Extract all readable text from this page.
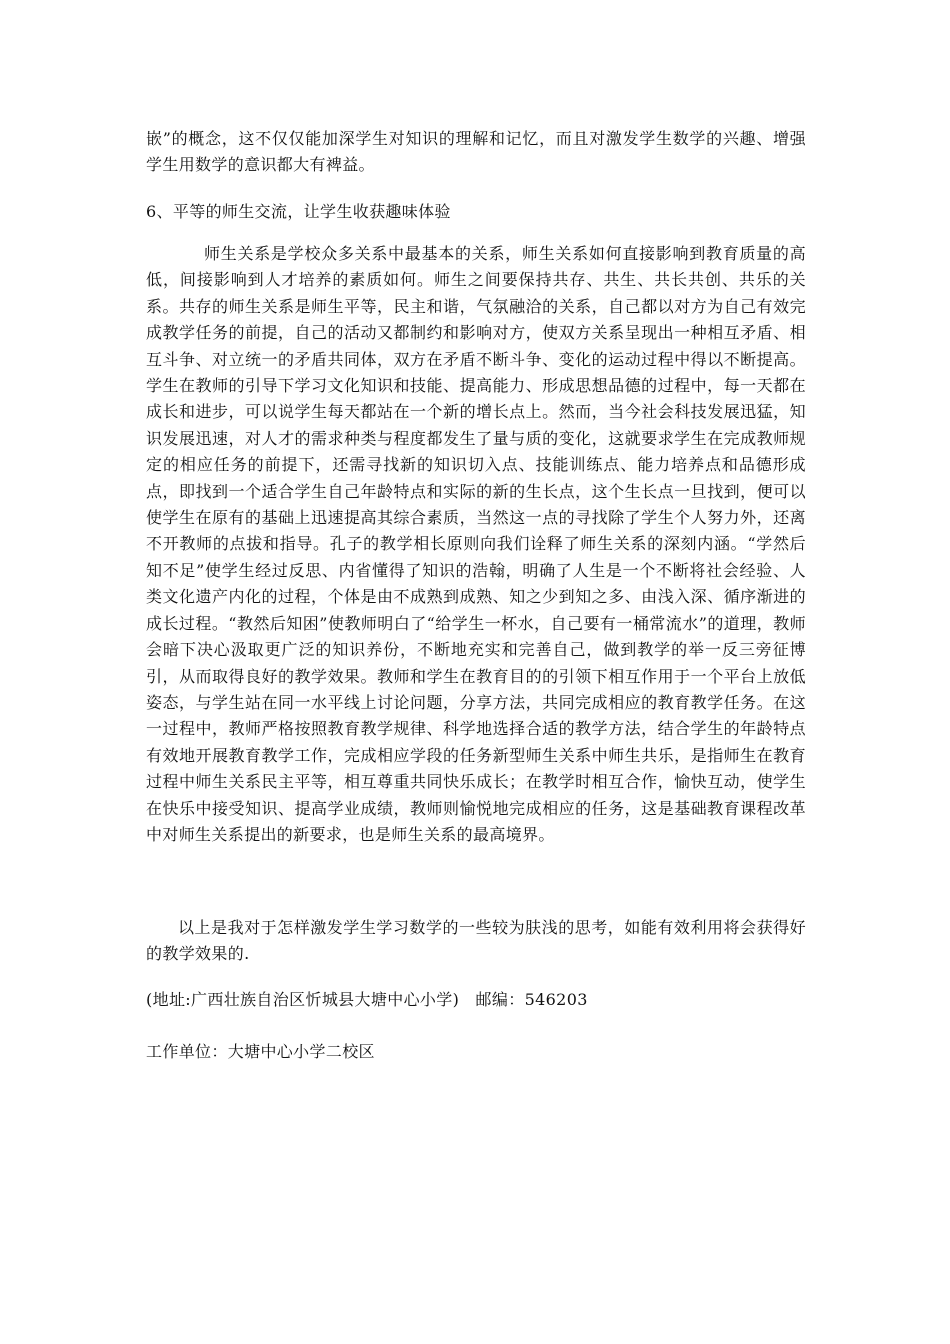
嵌”的概念，这不仅仅能加深学生对知识的理解和记忆，而且对激发学生数学的兴趣、增强学生用数学的意识都大有裨益。

6、平等的师生交流，让学生收获趣味体验

师生关系是学校众多关系中最基本的关系，师生关系如何直接影响到教育质量的高低，间接影响到人才培养的素质如何。师生之间要保持共存、共生、共长共创、共乐的关系。共存的师生关系是师生平等，民主和谐，气氛融洽的关系，自己都以对方为自己有效完成教学任务的前提，自己的活动又都制约和影响对方，使双方关系呈现出一种相互矛盾、相互斗争、对立统一的矛盾共同体，双方在矛盾不断斗争、变化的运动过程中得以不断提高。学生在教师的引导下学习文化知识和技能、提高能力、形成思想品德的过程中，每一天都在成长和进步，可以说学生每天都站在一个新的增长点上。然而，当今社会科技发展迅猛，知识发展迅速，对人才的需求种类与程度都发生了量与质的变化，这就要求学生在完成教师规定的相应任务的前提下，还需寻找新的知识切入点、技能训练点、能力培养点和品德形成点，即找到一个适合学生自己年龄特点和实际的新的生长点，这个生长点一旦找到，便可以使学生在原有的基础上迅速提高其综合素质，当然这一点的寻找除了学生个人努力外，还离不开教师的点拔和指导。孔子的教学相长原则向我们诠释了师生关系的深刻内涵。“学然后知不足”使学生经过反思、内省懂得了知识的浩翰，明确了人生是一个不断将社会经验、人类文化遗产内化的过程，个体是由不成熟到成熟、知之少到知之多、由浅入深、循序渐进的成长过程。“教然后知困”使教师明白了“给学生一杯水，自己要有一桶常流水”的道理，教师会暗下决心汲取更广泛的知识养份，不断地充实和完善自己，做到教学的举一反三旁征博引，从而取得良好的教学效果。教师和学生在教育目的的引领下相互作用于一个平台上放低姿态，与学生站在同一水平线上讨论问题，分享方法，共同完成相应的教育教学任务。在这一过程中，教师严格按照教育教学规律、科学地选择合适的教学方法，结合学生的年龄特点有效地开展教育教学工作，完成相应学段的任务新型师生关系中师生共乐，是指师生在教育过程中师生关系民主平等，相互尊重共同快乐成长；在教学时相互合作，愉快互动，使学生在快乐中接受知识、提高学业成绩，教师则愉悦地完成相应的任务，这是基础教育课程改革中对师生关系提出的新要求，也是师生关系的最高境界。

以上是我对于怎样激发学生学习数学的一些较为肤浅的思考，如能有效利用将会获得好的教学效果的.

(地址:广西壮族自治区忻城县大塘中心小学)   邮编：546203

工作单位：大塘中心小学二校区
